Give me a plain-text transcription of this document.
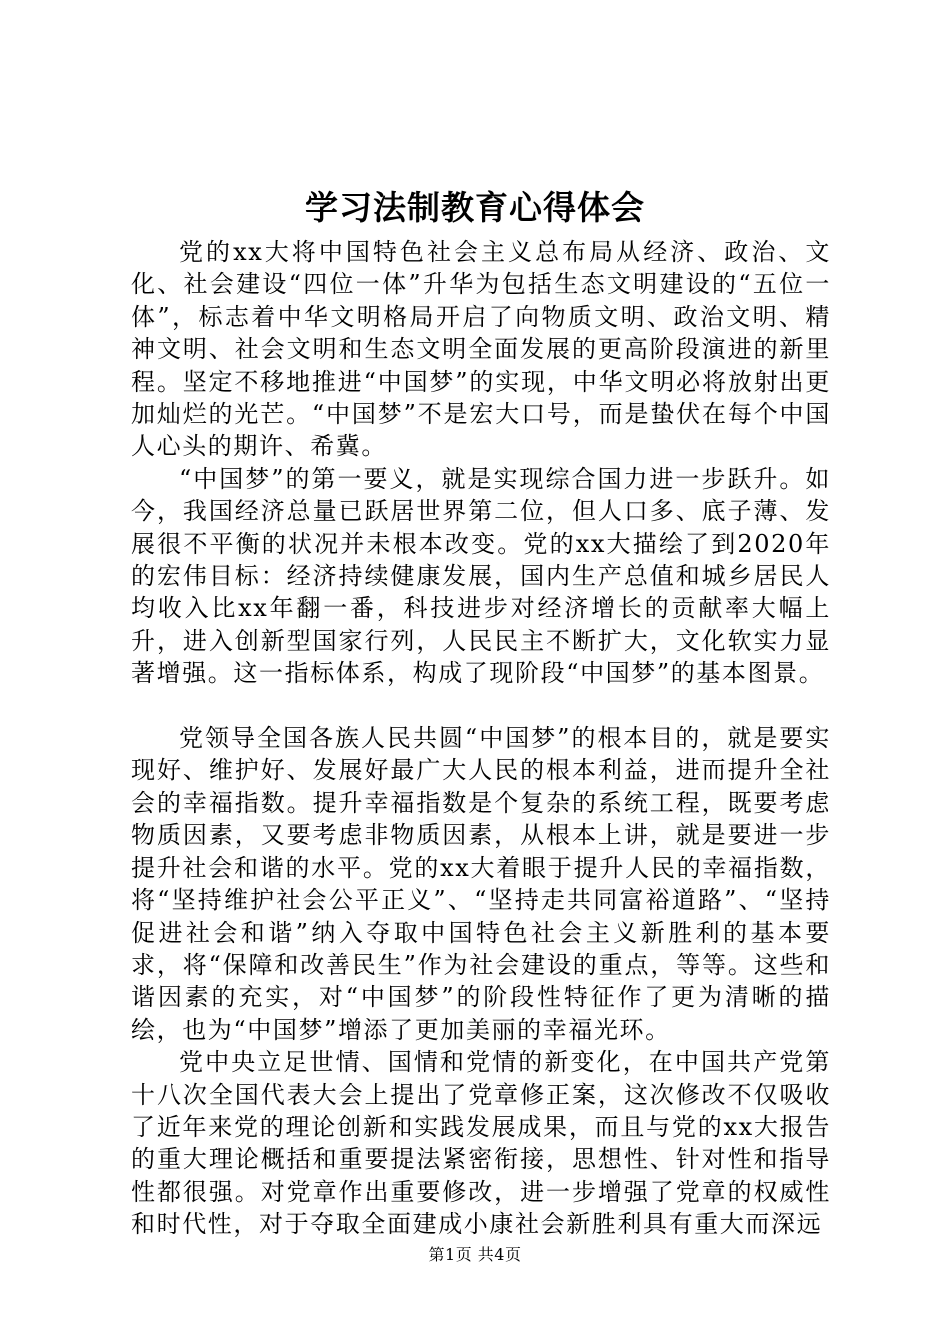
学习法制教育心得体会

党的xx大将中国特色社会主义总布局从经济、政治、文化、社会建设“四位一体”升华为包括生态文明建设的“五位一体”，标志着中华文明格局开启了向物质文明、政治文明、精神文明、社会文明和生态文明全面发展的更高阶段演进的新里程。坚定不移地推进“中国梦”的实现，中华文明必将放射出更加灿烂的光芒。“中国梦”不是宏大口号，而是蛰伏在每个中国人心头的期许、希冀。

“中国梦”的第一要义，就是实现综合国力进一步跃升。如今，我国经济总量已跃居世界第二位，但人口多、底子薄、发展很不平衡的状况并未根本改变。党的xx大描绘了到2020年的宏伟目标：经济持续健康发展，国内生产总值和城乡居民人均收入比xx年翻一番，科技进步对经济增长的贡献率大幅上升，进入创新型国家行列，人民民主不断扩大，文化软实力显著增强。这一指标体系，构成了现阶段“中国梦”的基本图景。

党领导全国各族人民共圆“中国梦”的根本目的，就是要实现好、维护好、发展好最广大人民的根本利益，进而提升全社会的幸福指数。提升幸福指数是个复杂的系统工程，既要考虑物质因素，又要考虑非物质因素，从根本上讲，就是要进一步提升社会和谐的水平。党的xx大着眼于提升人民的幸福指数，将“坚持维护社会公平正义”、“坚持走共同富裕道路”、“坚持促进社会和谐”纳入夺取中国特色社会主义新胜利的基本要求，将“保障和改善民生”作为社会建设的重点，等等。这些和谐因素的充实，对“中国梦”的阶段性特征作了更为清晰的描绘，也为“中国梦”增添了更加美丽的幸福光环。

党中央立足世情、国情和党情的新变化，在中国共产党第十八次全国代表大会上提出了党章修正案，这次修改不仅吸收了近年来党的理论创新和实践发展成果，而且与党的xx大报告的重大理论概括和重要提法紧密衔接，思想性、针对性和指导性都很强。对党章作出重要修改，进一步增强了党章的权威性和时代性，对于夺取全面建成小康社会新胜利具有重大而深远

第1页 共4页
